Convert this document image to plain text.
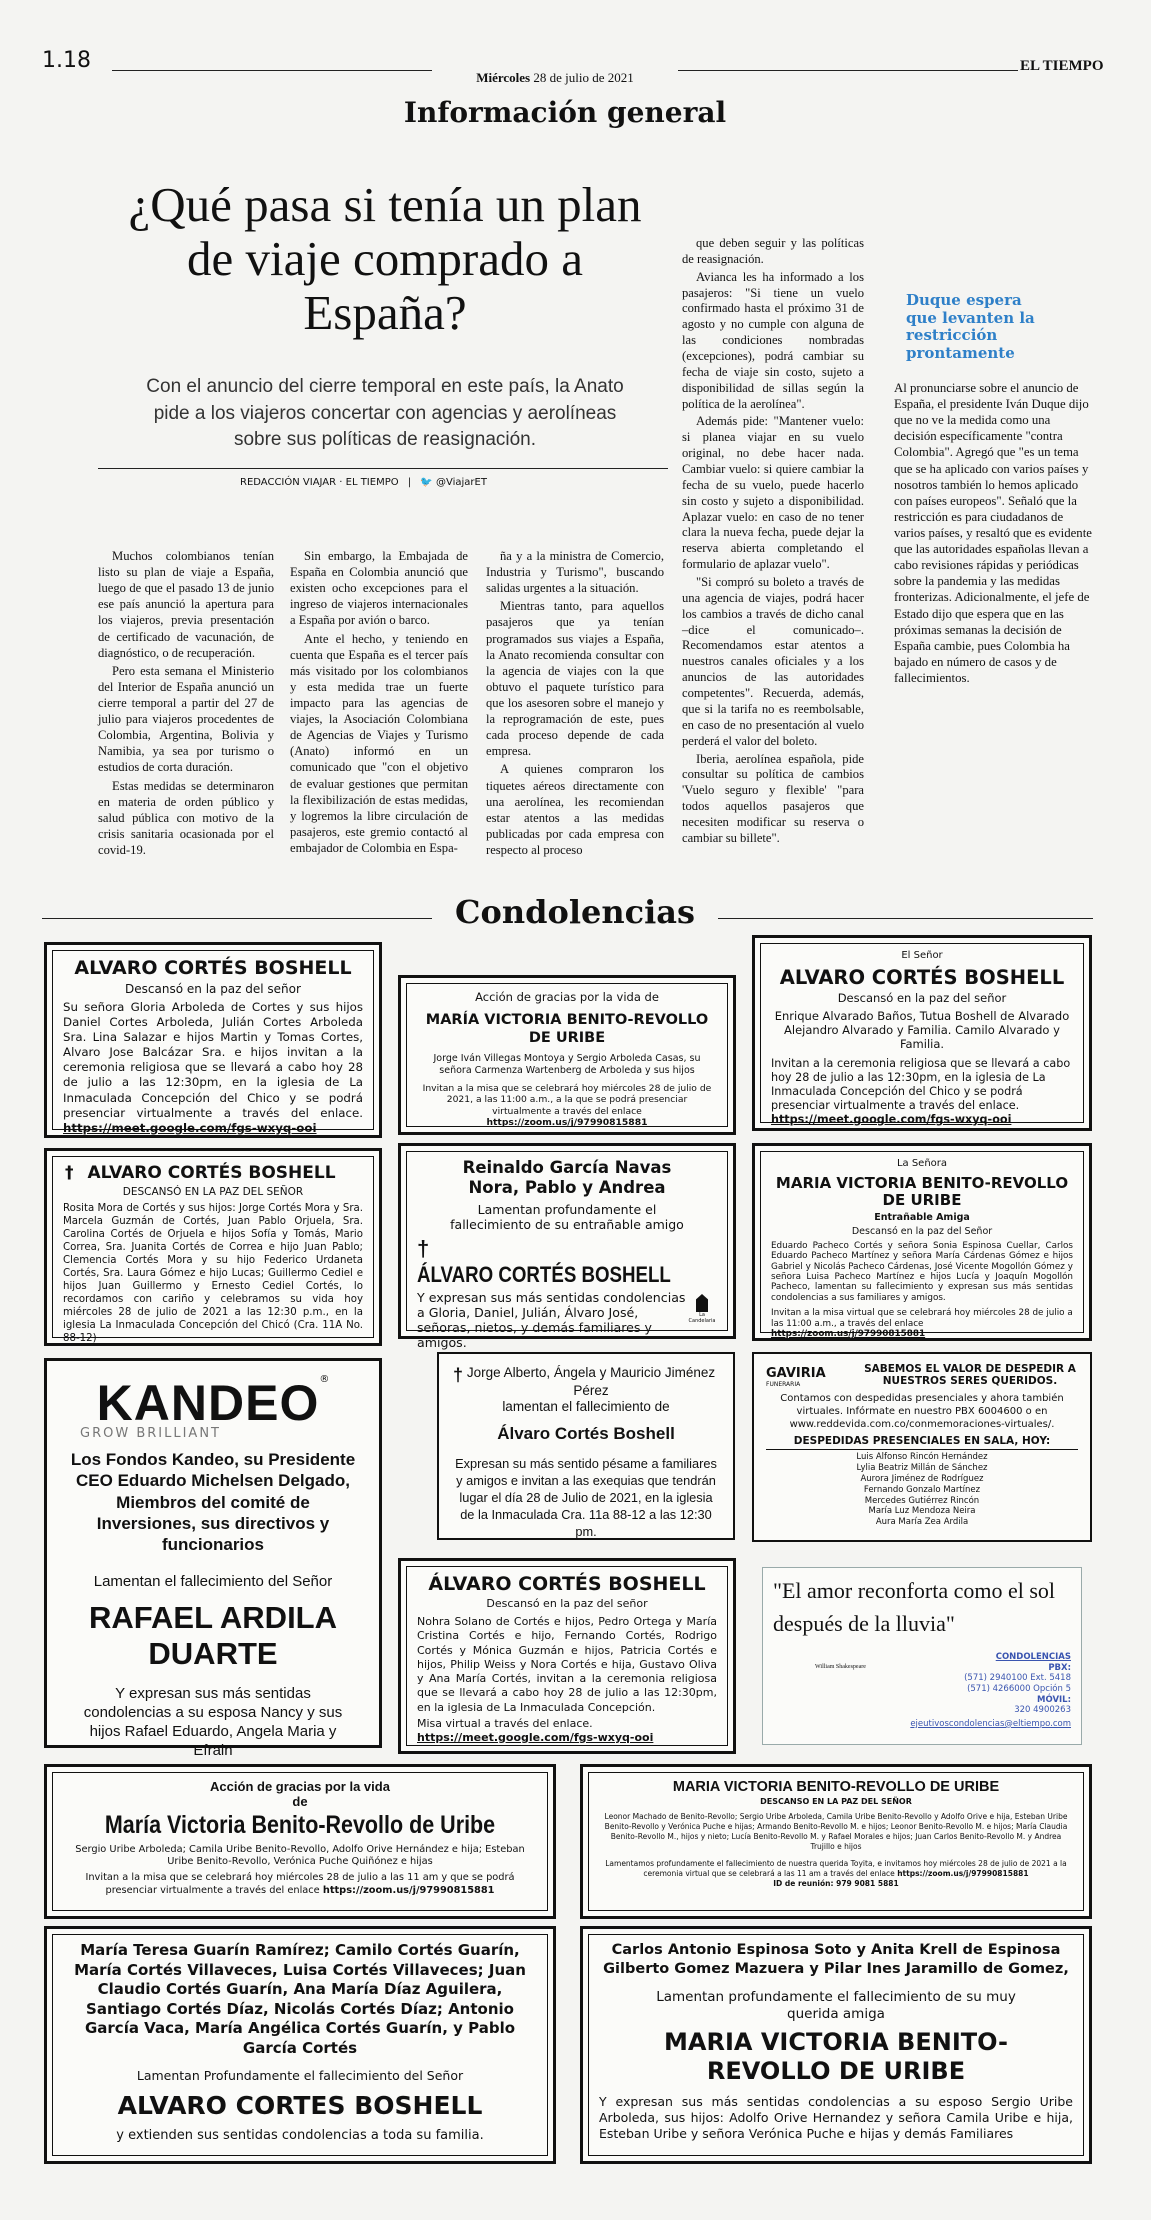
1.18
Miércoles 28 de julio de 2021
EL TIEMPO
Información general
¿Qué pasa si tenía un plan de viaje comprado a España?
Con el anuncio del cierre temporal en este país, la Anato pide a los viajeros concertar con agencias y aerolíneas sobre sus políticas de reasignación.
REDACCIÓN VIAJAR · EL TIEMPO | 🐦 @ViajarET

Muchos colombianos tenían listo su plan de viaje a España, luego de que el pasado 13 de junio ese país anunció la apertura para los viajeros, previa presentación de certificado de vacunación, de diagnóstico, o de recuperación.

Pero esta semana el Ministerio del Interior de España anunció un cierre temporal a partir del 27 de julio para viajeros procedentes de Colombia, Argentina, Bolivia y Namibia, ya sea por turismo o estudios de corta duración.

Estas medidas se determinaron en materia de orden público y salud pública con motivo de la crisis sanitaria ocasionada por el covid-19.

Sin embargo, la Embajada de España en Colombia anunció que existen ocho excepciones para el ingreso de viajeros internacionales a España por avión o barco.

Ante el hecho, y teniendo en cuenta que España es el tercer país más visitado por los colombianos y esta medida trae un fuerte impacto para las agencias de viajes, la Asociación Colombiana de Agencias de Viajes y Turismo (Anato) informó en un comunicado que "con el objetivo de evaluar gestiones que permitan la flexibilización de estas medidas, y logremos la libre circulación de pasajeros, este gremio contactó al embajador de Colombia en Espa-

ña y a la ministra de Comercio, Industria y Turismo", buscando salidas urgentes a la situación.

Mientras tanto, para aquellos pasajeros que ya tenían programados sus viajes a España, la Anato recomienda consultar con la agencia de viajes con la que obtuvo el paquete turístico para que los asesoren sobre el manejo y la reprogramación de este, pues cada proceso depende de cada empresa.

A quienes compraron los tiquetes aéreos directamente con una aerolínea, les recomiendan estar atentos a las medidas publicadas por cada empresa con respecto al proceso

que deben seguir y las políticas de reasignación.

Avianca les ha informado a los pasajeros: "Si tiene un vuelo confirmado hasta el próximo 31 de agosto y no cumple con alguna de las condiciones nombradas (excepciones), podrá cambiar su fecha de viaje sin costo, sujeto a disponibilidad de sillas según la política de la aerolínea".

Además pide: "Mantener vuelo: si planea viajar en su vuelo original, no debe hacer nada. Cambiar vuelo: si quiere cambiar la fecha de su vuelo, puede hacerlo sin costo y sujeto a disponibilidad. Aplazar vuelo: en caso de no tener clara la nueva fecha, puede dejar la reserva abierta completando el formulario de aplazar vuelo".

"Si compró su boleto a través de una agencia de viajes, podrá hacer los cambios a través de dicho canal –dice el comunicado–. Recomendamos estar atentos a nuestros canales oficiales y a los anuncios de las autoridades competentes". Recuerda, además, que si la tarifa no es reembolsable, en caso de no presentación al vuelo perderá el valor del boleto.

Iberia, aerolínea española, pide consultar su política de cambios 'Vuelo seguro y flexible' "para todos aquellos pasajeros que necesiten modificar su reserva o cambiar su billete".

Duque espera que levanten la restricción prontamente
Al pronunciarse sobre el anuncio de España, el presidente Iván Duque dijo que no ve la medida como una decisión específicamente "contra Colombia". Agregó que "es un tema que se ha aplicado con varios países y nosotros también lo hemos aplicado con países europeos". Señaló que la restricción es para ciudadanos de varios países, y resaltó que es evidente que las autoridades españolas llevan a cabo revisiones rápidas y periódicas sobre la pandemia y las medidas fronterizas. Adicionalmente, el jefe de Estado dijo que espera que en las próximas semanas la decisión de España cambie, pues Colombia ha bajado en número de casos y de fallecimientos.
Condolencias
ALVARO CORTÉS BOSHELL
Descansó en la paz del señor
Su señora Gloria Arboleda de Cortes y sus hijos Daniel Cortes Arboleda, Julián Cortes Arboleda Sra. Lina Salazar e hijos Martin y Tomas Cortes, Alvaro Jose Balcázar Sra. e hijos invitan a la ceremonia religiosa que se llevará a cabo hoy 28 de julio a las 12:30pm, en la iglesia de La Inmaculada Concepción del Chico y se podrá presenciar virtualmente a través del enlace. https://meet.google.com/fgs-wxyq-ooi
Acción de gracias por la vida de
MARÍA VICTORIA BENITO-REVOLLO DE URIBE
Jorge Iván Villegas Montoya y Sergio Arboleda Casas, su señora Carmenza Wartenberg de Arboleda y sus hijos
Invitan a la misa que se celebrará hoy miércoles 28 de julio de 2021, a las 11:00 a.m., a la que se podrá presenciar virtualmente a través del enlace https://zoom.us/j/97990815881
El Señor
ALVARO CORTÉS BOSHELL
Descansó en la paz del señor
Enrique Alvarado Baños, Tutua Boshell de Alvarado Alejandro Alvarado y Familia. Camilo Alvarado y Familia.
Invitan a la ceremonia religiosa que se llevará a cabo hoy 28 de julio a las 12:30pm, en la iglesia de La Inmaculada Concepción del Chico y se podrá presenciar virtualmente a través del enlace. https://meet.google.com/fgs-wxyq-ooi
† ALVARO CORTÉS BOSHELL
DESCANSÓ EN LA PAZ DEL SEÑOR
Rosita Mora de Cortés y sus hijos: Jorge Cortés Mora y Sra. Marcela Guzmán de Cortés, Juan Pablo Orjuela, Sra. Carolina Cortés de Orjuela e hijos Sofía y Tomás, Mario Correa, Sra. Juanita Cortés de Correa e hijo Juan Pablo; Clemencia Cortés Mora y su hijo Federico Urdaneta Cortés, Sra. Laura Gómez e hijo Lucas; Guillermo Cediel e hijos Juan Guillermo y Ernesto Cediel Cortés, lo recordamos con cariño y celebramos su vida hoy miércoles 28 de julio de 2021 a las 12:30 p.m., en la iglesia La Inmaculada Concepción del Chicó (Cra. 11A No. 88-12)
Reinaldo García Navas Nora, Pablo y Andrea
Lamentan profundamente el fallecimiento de su entrañable amigo
†ÁLVARO CORTÉS BOSHELL
Y expresan sus más sentidas condolencias a Gloria, Daniel, Julián, Álvaro José, señoras, nietos, y demás familiares y amigos.
La Candelaria
La Señora
MARIA VICTORIA BENITO-REVOLLO DE URIBE
Entrañable Amiga
Descansó en la paz del Señor
Eduardo Pacheco Cortés y señora Sonia Espinosa Cuellar, Carlos Eduardo Pacheco Martínez y señora María Cárdenas Gómez e hijos Gabriel y Nicolás Pacheco Cárdenas, José Vicente Mogollón Gómez y señora Luisa Pacheco Martínez e hijos Lucía y Joaquín Mogollón Pacheco, lamentan su fallecimiento y expresan sus más sentidas condolencias a sus familiares y amigos.
Invitan a la misa virtual que se celebrará hoy miércoles 28 de julio a las 11:00 a.m., a través del enlace https://zoom.us/j/97990815881
KANDEO®
GROW BRILLIANT
Los Fondos Kandeo, su Presidente CEO Eduardo Michelsen Delgado, Miembros del comité de Inversiones, sus directivos y funcionarios
Lamentan el fallecimiento del Señor
RAFAEL ARDILA DUARTE
Y expresan sus más sentidas condolencias a su esposa Nancy y sus hijos Rafael Eduardo, Angela Maria y Efrain
† Jorge Alberto, Ángela y Mauricio Jiménez Pérez
lamentan el fallecimiento de
Álvaro Cortés Boshell
Expresan su más sentido pésame a familiares y amigos e invitan a las exequias que tendrán lugar el día 28 de Julio de 2021, en la iglesia de la Inmaculada Cra. 11a 88-12 a las 12:30 pm.
GAVIRIA
FUNERARIA
SABEMOS EL VALOR DE DESPEDIR A NUESTROS SERES QUERIDOS.
Contamos con despedidas presenciales y ahora también virtuales. Infórmate en nuestro PBX 6004600 o en www.reddevida.com.co/conmemoraciones-virtuales/.
DESPEDIDAS PRESENCIALES EN SALA, HOY:
Luis Alfonso Rincón Hernández
Lylia Beatriz Millán de Sánchez
Aurora Jiménez de Rodríguez
Fernando Gonzalo Martínez
Mercedes Gutiérrez Rincón
María Luz Mendoza Neira
Aura María Zea Ardila
ÁLVARO CORTÉS BOSHELL
Descansó en la paz del señor
Nohra Solano de Cortés e hijos, Pedro Ortega y María Cristina Cortés e hijo, Fernando Cortés, Rodrigo Cortés y Mónica Guzmán e hijos, Patricia Cortés e hijos, Philip Weiss y Nora Cortés e hija, Gustavo Oliva y Ana María Cortés, invitan a la ceremonia religiosa que se llevará a cabo hoy 28 de julio a las 12:30pm, en la iglesia de La Inmaculada Concepción.
Misa virtual a través del enlace. https://meet.google.com/fgs-wxyq-ooi
"El amor reconforta como el sol después de la lluvia"
William Shakespeare
CONDOLENCIAS
PBX:
(571) 2940100 Ext. 5418
(571) 4266000 Opción 5
MÓVIL:
320 4900263
ejeutivoscondolencias@eltiempo.com
Acción de gracias por la vida
de
María Victoria Benito-Revollo de Uribe
Sergio Uribe Arboleda; Camila Uribe Benito-Revollo, Adolfo Orive Hernández e hija; Esteban Uribe Benito-Revollo, Verónica Puche Quiñónez e hijas
Invitan a la misa que se celebrará hoy miércoles 28 de julio a las 11 am y que se podrá presenciar virtualmente a través del enlace https://zoom.us/j/97990815881
MARIA VICTORIA BENITO-REVOLLO DE URIBE
DESCANSO EN LA PAZ DEL SEÑOR
Leonor Machado de Benito-Revollo; Sergio Uribe Arboleda, Camila Uribe Benito-Revollo y Adolfo Orive e hija, Esteban Uribe Benito-Revollo y Verónica Puche e hijas; Armando Benito-Revollo M. e hijos; Leonor Benito-Revollo M. e hijos; María Claudia Benito-Revollo M., hijos y nieto; Lucía Benito-Revollo M. y Rafael Morales e hijos; Juan Carlos Benito-Revollo M. y Andrea Trujillo e hijos
Lamentamos profundamente el fallecimiento de nuestra querida Toyita, e invitamos hoy miércoles 28 de julio de 2021 a la ceremonia virtual que se celebrará a las 11 am a través del enlace https://zoom.us/j/97990815881
ID de reunión: 979 9081 5881
María Teresa Guarín Ramírez; Camilo Cortés Guarín, María Cortés Villaveces, Luisa Cortés Villaveces; Juan Claudio Cortés Guarín, Ana María Díaz Aguilera, Santiago Cortés Díaz, Nicolás Cortés Díaz; Antonio García Vaca, María Angélica Cortés Guarín, y Pablo García Cortés
Lamentan Profundamente el fallecimiento del Señor
ALVARO CORTES BOSHELL
y extienden sus sentidas condolencias a toda su familia.
Carlos Antonio Espinosa Soto y Anita Krell de Espinosa Gilberto Gomez Mazuera y Pilar Ines Jaramillo de Gomez,
Lamentan profundamente el fallecimiento de su muy querida amiga
MARIA VICTORIA BENITO-REVOLLO DE URIBE
Y expresan sus más sentidas condolencias a su esposo Sergio Uribe Arboleda, sus hijos: Adolfo Orive Hernandez y señora Camila Uribe e hija, Esteban Uribe y señora Verónica Puche e hijas y demás Familiares
